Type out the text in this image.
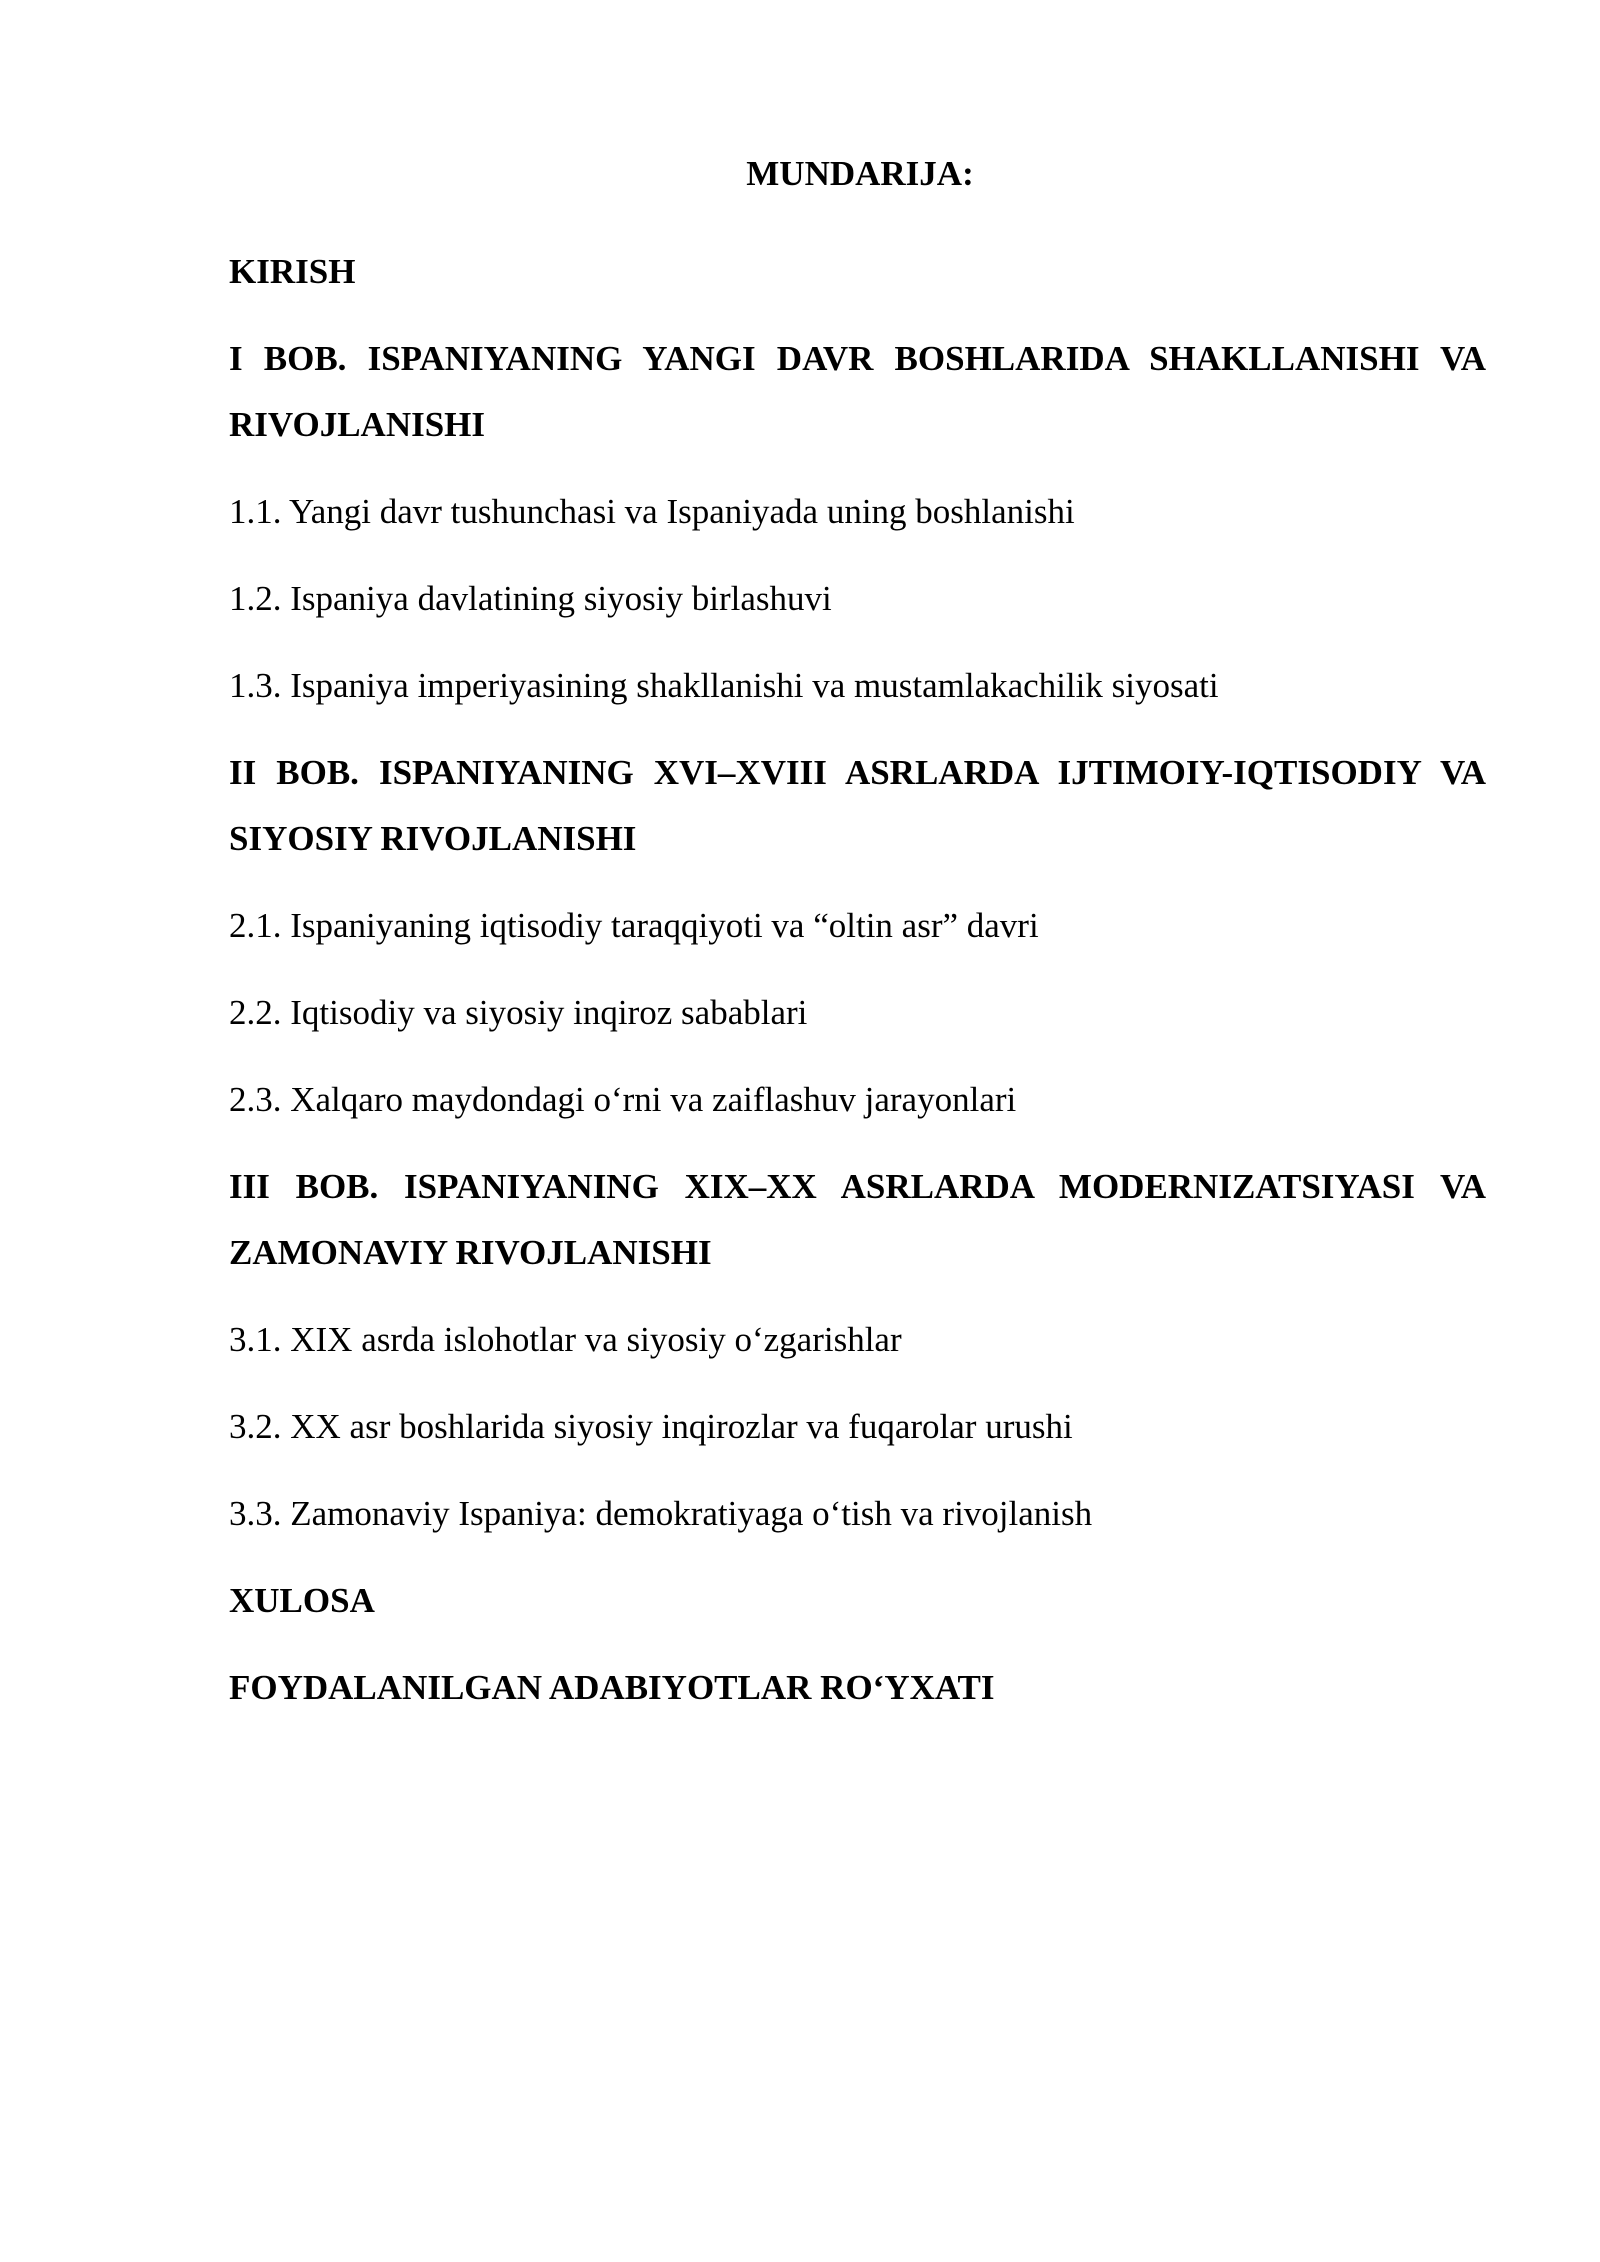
MUNDARIJA:
KIRISH
I BOB. ISPANIYANING YANGI DAVR BOSHLARIDA SHAKLLANISHI VA RIVOJLANISHI
1.1. Yangi davr tushunchasi va Ispaniyada uning boshlanishi
1.2. Ispaniya davlatining siyosiy birlashuvi
1.3. Ispaniya imperiyasining shakllanishi va mustamlakachilik siyosati
II BOB. ISPANIYANING XVI–XVIII ASRLARDA IJTIMOIY-IQTISODIY VA SIYOSIY RIVOJLANISHI
2.1. Ispaniyaning iqtisodiy taraqqiyoti va “oltin asr” davri
2.2. Iqtisodiy va siyosiy inqiroz sabablari
2.3. Xalqaro maydondagi o‘rni va zaiflashuv jarayonlari
III BOB. ISPANIYANING XIX–XX ASRLARDA MODERNIZATSIYASI VA ZAMONAVIY RIVOJLANISHI
3.1. XIX asrda islohotlar va siyosiy o‘zgarishlar
3.2. XX asr boshlarida siyosiy inqirozlar va fuqarolar urushi
3.3. Zamonaviy Ispaniya: demokratiyaga o‘tish va rivojlanish
XULOSA
FOYDALANILGAN ADABIYOTLAR RO‘YXATI
